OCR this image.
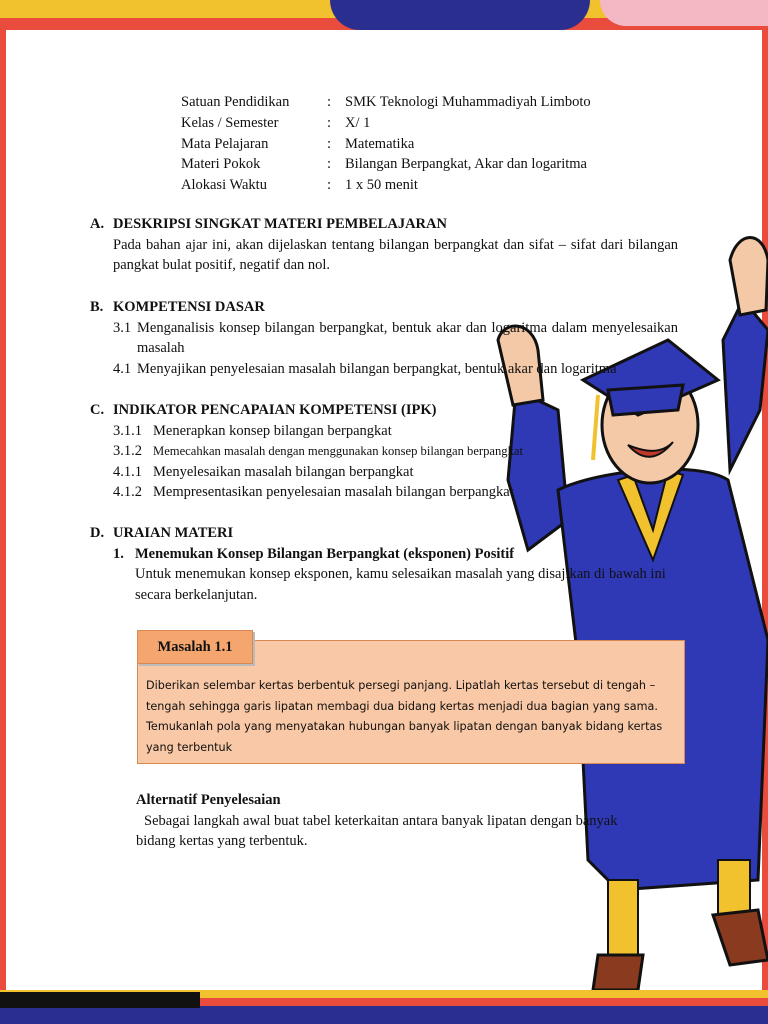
Satuan Pendidikan	: SMK Teknologi Muhammadiyah Limboto
Kelas / Semester	: X/ 1
Mata Pelajaran	: Matematika
Materi Pokok	: Bilangan Berpangkat, Akar dan logaritma
Alokasi Waktu	: 1 x 50 menit
A. DESKRIPSI SINGKAT MATERI PEMBELAJARAN
Pada bahan ajar ini, akan dijelaskan tentang bilangan berpangkat dan sifat – sifat dari bilangan pangkat bulat positif, negatif dan nol.
B. KOMPETENSI DASAR
3.1 Menganalisis konsep bilangan berpangkat, bentuk akar dan logaritma dalam menyelesaikan masalah
4.1 Menyajikan penyelesaian masalah bilangan berpangkat, bentuk akar dan logaritma
C. INDIKATOR PENCAPAIAN KOMPETENSI (IPK)
3.1.1 Menerapkan konsep bilangan berpangkat
3.1.2 Memecahkan masalah dengan menggunakan konsep bilangan berpangkat
4.1.1 Menyelesaikan masalah bilangan berpangkat
4.1.2 Mempresentasikan penyelesaian masalah bilangan berpangkat
D. URAIAN MATERI
1. Menemukan Konsep Bilangan Berpangkat (eksponen) Positif
Untuk menemukan konsep eksponen, kamu selesaikan masalah yang disajikan di bawah ini secara berkelanjutan.
Masalah 1.1
Diberikan selembar kertas berbentuk persegi panjang. Lipatlah kertas tersebut di tengah – tengah sehingga garis lipatan membagi dua bidang kertas menjadi dua bagian yang sama. Temukanlah pola yang menyatakan hubungan banyak lipatan dengan banyak bidang kertas yang terbentuk
Alternatif Penyelesaian
Sebagai langkah awal buat tabel keterkaitan antara banyak lipatan dengan banyak bidang kertas yang terbentuk.
